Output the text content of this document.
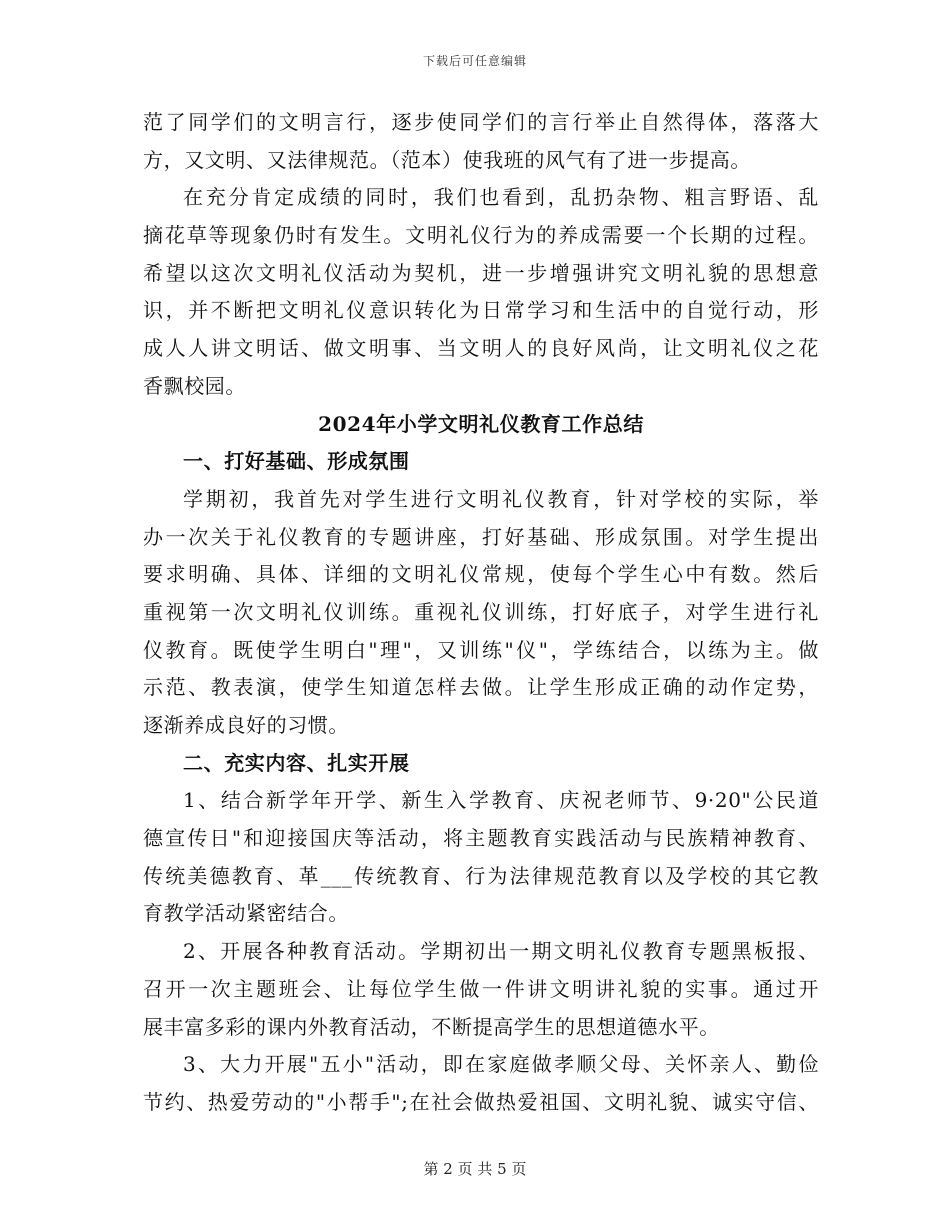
下载后可任意编辑
范了同学们的文明言行，逐步使同学们的言行举止自然得体，落落大
方，又文明、又法律规范。（范本）使我班的风气有了进一步提高。
在充分肯定成绩的同时，我们也看到，乱扔杂物、粗言野语、乱
摘花草等现象仍时有发生。文明礼仪行为的养成需要一个长期的过程。
希望以这次文明礼仪活动为契机，进一步增强讲究文明礼貌的思想意
识，并不断把文明礼仪意识转化为日常学习和生活中的自觉行动，形
成人人讲文明话、做文明事、当文明人的良好风尚，让文明礼仪之花
香飘校园。
2024年小学文明礼仪教育工作总结
一、打好基础、形成氛围
学期初，我首先对学生进行文明礼仪教育，针对学校的实际，举
办一次关于礼仪教育的专题讲座，打好基础、形成氛围。对学生提出
要求明确、具体、详细的文明礼仪常规，使每个学生心中有数。然后
重视第一次文明礼仪训练。重视礼仪训练，打好底子，对学生进行礼
仪教育。既使学生明白"理"，又训练"仪"，学练结合，以练为主。做
示范、教表演，使学生知道怎样去做。让学生形成正确的动作定势，
逐渐养成良好的习惯。
二、充实内容、扎实开展
1、结合新学年开学、新生入学教育、庆祝老师节、9·20"公民道
德宣传日"和迎接国庆等活动，将主题教育实践活动与民族精神教育、
传统美德教育、革___传统教育、行为法律规范教育以及学校的其它教
育教学活动紧密结合。
2、开展各种教育活动。学期初出一期文明礼仪教育专题黑板报、
召开一次主题班会、让每位学生做一件讲文明讲礼貌的实事。通过开
展丰富多彩的课内外教育活动，不断提高学生的思想道德水平。
3、大力开展"五小"活动，即在家庭做孝顺父母、关怀亲人、勤俭
节约、热爱劳动的"小帮手";在社会做热爱祖国、文明礼貌、诚实守信、
第 2 页 共 5 页
